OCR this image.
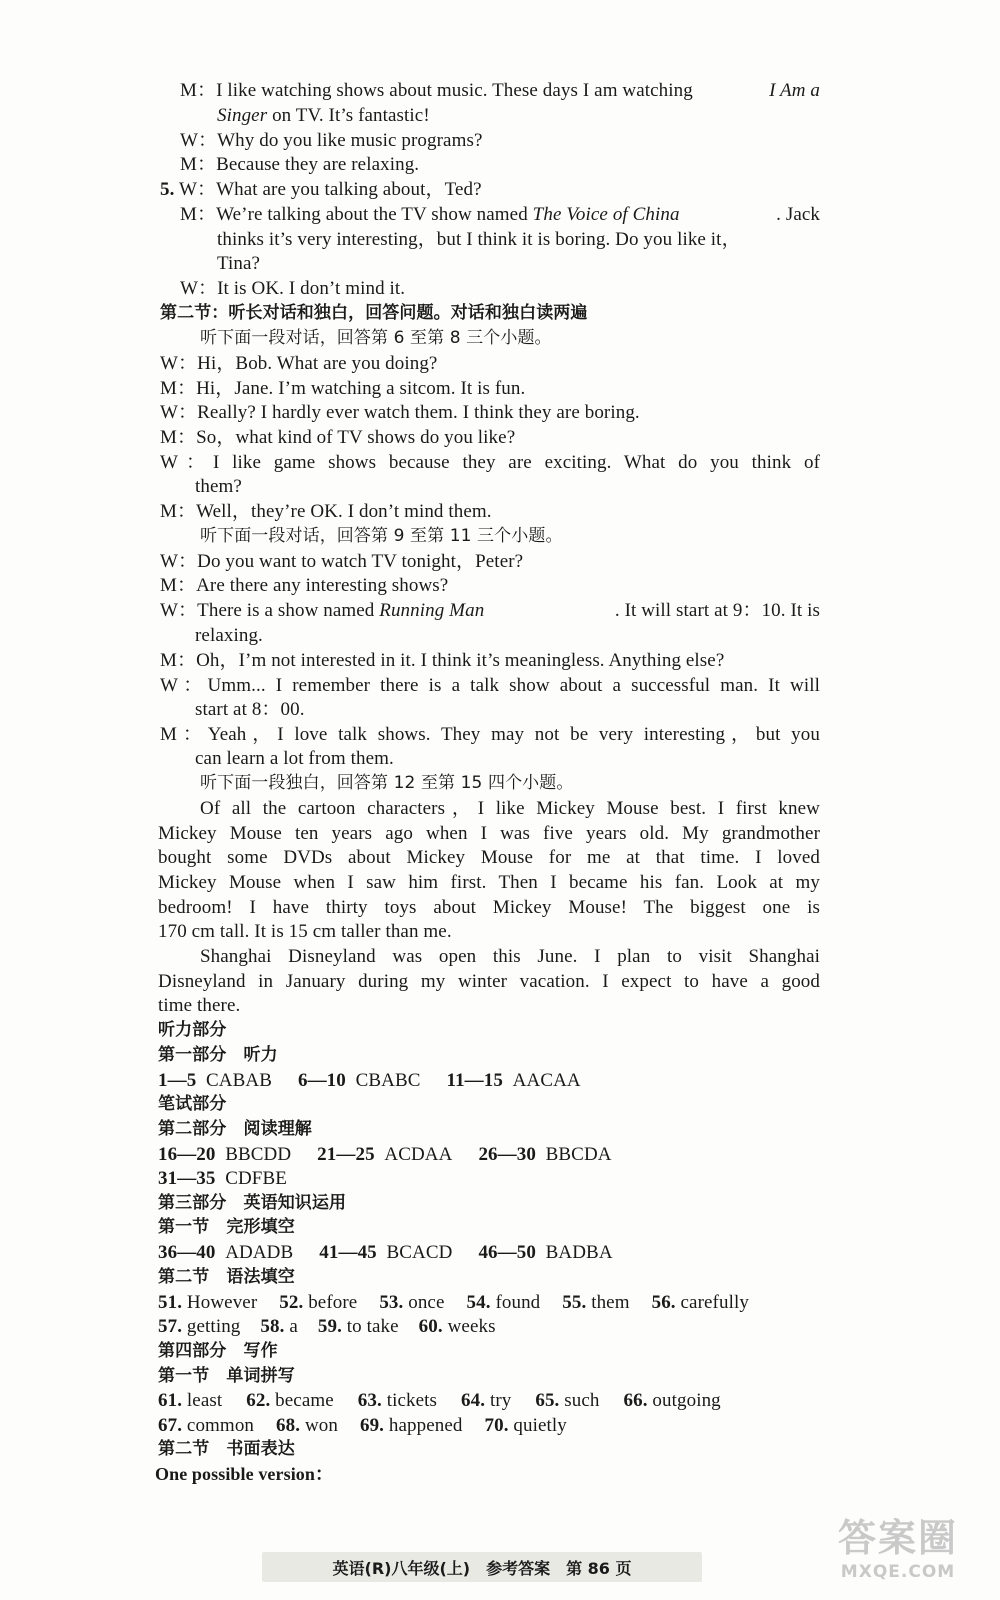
M：I like watching shows about music. These days I am watching	I Am a
Singer on TV. It’s fantastic!
W：Why do you like music programs?
M：Because they are relaxing.
5. W：What are you talking about，Ted?
M：We’re talking about the TV show named The Voice of China	. Jack
thinks it’s very interesting，but I think it is boring. Do you like it，
Tina?
W：It is OK. I don’t mind it.
第二节：听长对话和独白，回答问题。对话和独白读两遍
听下面一段对话，回答第 6 至第 8 三个小题。
W：Hi，Bob. What are you doing?
M：Hi，Jane. I’m watching a sitcom. It is fun.
W：Really? I hardly ever watch them. I think they are boring.
M：So，what kind of TV shows do you like?
W：I like game shows because they are exciting. What do you think of
them?
M：Well，they’re OK. I don’t mind them.
听下面一段对话，回答第 9 至第 11 三个小题。
W：Do you want to watch TV tonight，Peter?
M：Are there any interesting shows?
W：There is a show named Running Man	. It will start at 9：10. It is
relaxing.
M：Oh，I’m not interested in it. I think it’s meaningless. Anything else?
W：Umm... I remember there is a talk show about a successful man. It will
start at 8：00.
M：Yeah，I love talk shows. They may not be very interesting，but you
can learn a lot from them.
听下面一段独白，回答第 12 至第 15 四个小题。
Of all the cartoon characters，I like Mickey Mouse best. I first knew
Mickey Mouse ten years ago when I was five years old. My grandmother
bought some DVDs about Mickey Mouse for me at that time. I loved
Mickey Mouse when I saw him first. Then I became his fan. Look at my
bedroom! I have thirty toys about Mickey Mouse! The biggest one is
170 cm tall. It is 15 cm taller than me.
Shanghai Disneyland was open this June. I plan to visit Shanghai
Disneyland in January during my winter vacation. I expect to have a good
time there.
听力部分
第一部分　听力
1—5 CABAB 6—10 CBABC 11—15 AACAA
笔试部分
第二部分　阅读理解
16—20 BBCDD 21—25 ACDAA 26—30 BBCDA
31—35 CDFBE
第三部分　英语知识运用
第一节　完形填空
36—40 ADADB 41—45 BCACD 46—50 BADBA
第二节　语法填空
51. However 52. before 53. once 54. found 55. them 56. carefully
57. getting 58. a 59. to take 60. weeks
第四部分　写作
第一节　单词拼写
61. least 62. became 63. tickets 64. try 65. such 66. outgoing
67. common 68. won 69. happened 70. quietly
第二节　书面表达
One possible version：
英语(R)八年级(上)　参考答案　第 86 页
答案圈
MXQE.COM
